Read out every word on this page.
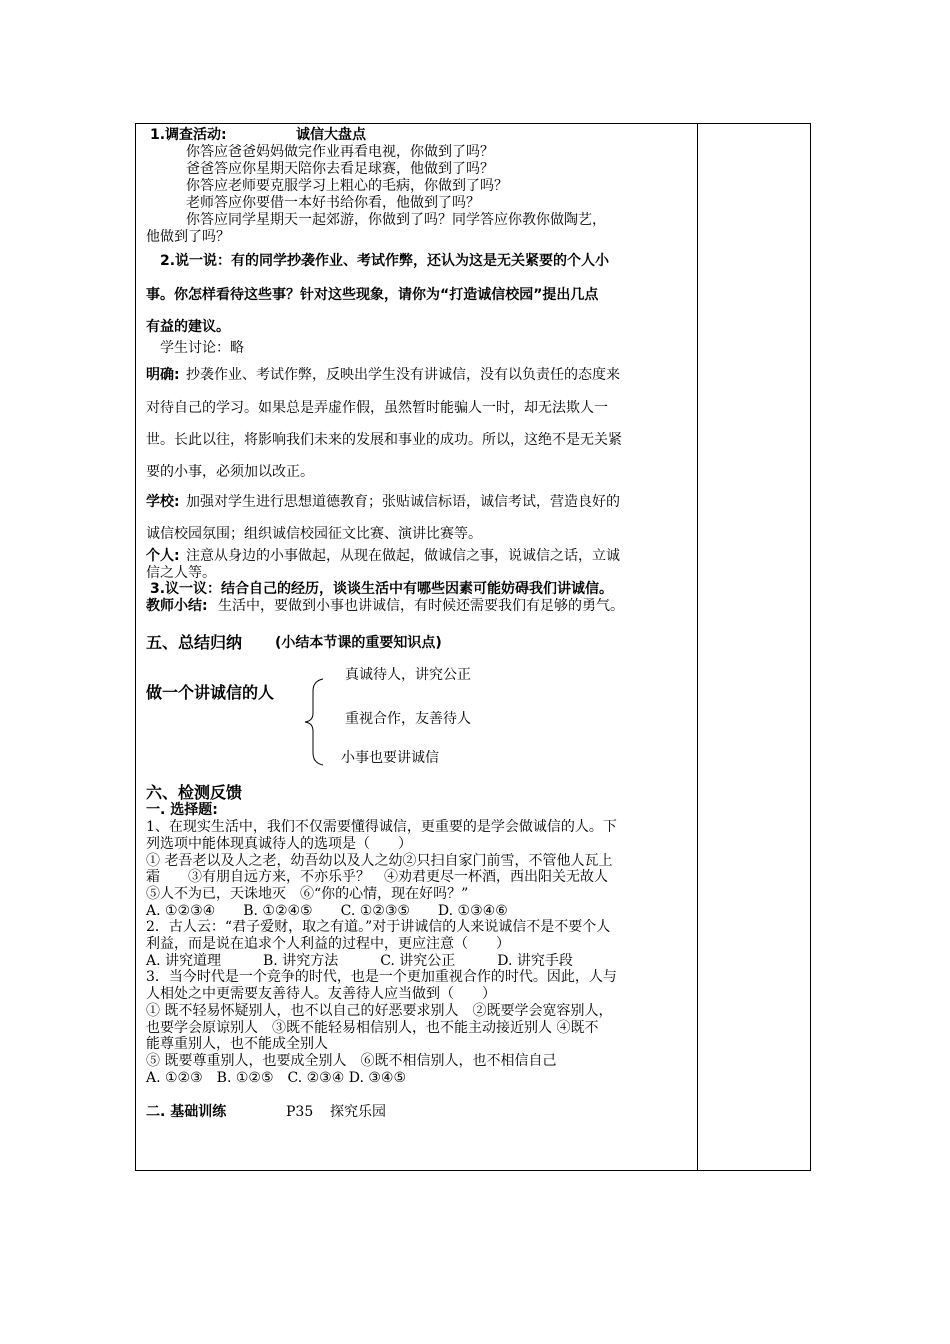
1.调查活动:	诚信大盘点
你答应爸爸妈妈做完作业再看电视，你做到了吗？
爸爸答应你星期天陪你去看足球赛，他做到了吗？
你答应老师要克服学习上粗心的毛病，你做到了吗？
老师答应你要借一本好书给你看，他做到了吗？
你答应同学星期天一起郊游，你做到了吗？同学答应你教你做陶艺，
他做到了吗？
2.说一说：有的同学抄袭作业、考试作弊，还认为这是无关紧要的个人小
事。你怎样看待这些事？针对这些现象，请你为“打造诚信校园”提出几点
有益的建议。
学生讨论：略
明确: 抄袭作业、考试作弊，反映出学生没有讲诚信，没有以负责任的态度来
对待自己的学习。如果总是弄虚作假，虽然暂时能骗人一时，却无法欺人一
世。长此以往，将影响我们未来的发展和事业的成功。所以，这绝不是无关紧
要的小事，必须加以改正。
学校: 加强对学生进行思想道德教育；张贴诚信标语，诚信考试，营造良好的
诚信校园氛围；组织诚信校园征文比赛、演讲比赛等。
个人: 注意从身边的小事做起，从现在做起，做诚信之事，说诚信之话，立诚
信之人等。
3.议一议：结合自己的经历，谈谈生活中有哪些因素可能妨碍我们讲诚信。
教师小结: 生活中，要做到小事也讲诚信，有时候还需要我们有足够的勇气。
五、总结归纳 (小结本节课的重要知识点)
做一个讲诚信的人
真诚待人，讲究公正
重视合作，友善待人
小事也要讲诚信
六、检测反馈
一. 选择题:
1、在现实生活中，我们不仅需要懂得诚信，更重要的是学会做诚信的人。下
列选项中能体现真诚待人的选项是（　　）
① 老吾老以及人之老，幼吾幼以及人之幼②只扫自家门前雪，不管他人瓦上
霜　　③有朋自远方来，不亦乐乎？　④劝君更尽一杯酒，西出阳关无故人
⑤人不为已，天诛地灭　⑥“你的心情，现在好吗？”
A. ①②③④　　B. ①②④⑤　　C. ①②③⑤　　D. ①③④⑥
2．古人云：“君子爱财，取之有道。”对于讲诚信的人来说诚信不是不要个人
利益，而是说在追求个人利益的过程中，更应注意（　　）
A. 讲究道理　　　B. 讲究方法　　　C. 讲究公正　　　D. 讲究手段
3．当今时代是一个竞争的时代，也是一个更加重视合作的时代。因此，人与
人相处之中更需要友善待人。友善待人应当做到（　　）
① 既不轻易怀疑别人，也不以自己的好恶要求别人　②既要学会宽容别人，
也要学会原谅别人　③既不能轻易相信别人，也不能主动接近别人 ④既不
能尊重别人，也不能成全别人
⑤ 既要尊重别人，也要成全别人　⑥既不相信别人，也不相信自己
A. ①②③　B. ①②⑤　C. ②③④ D. ③④⑤
二. 基础训练	P35 探究乐园
